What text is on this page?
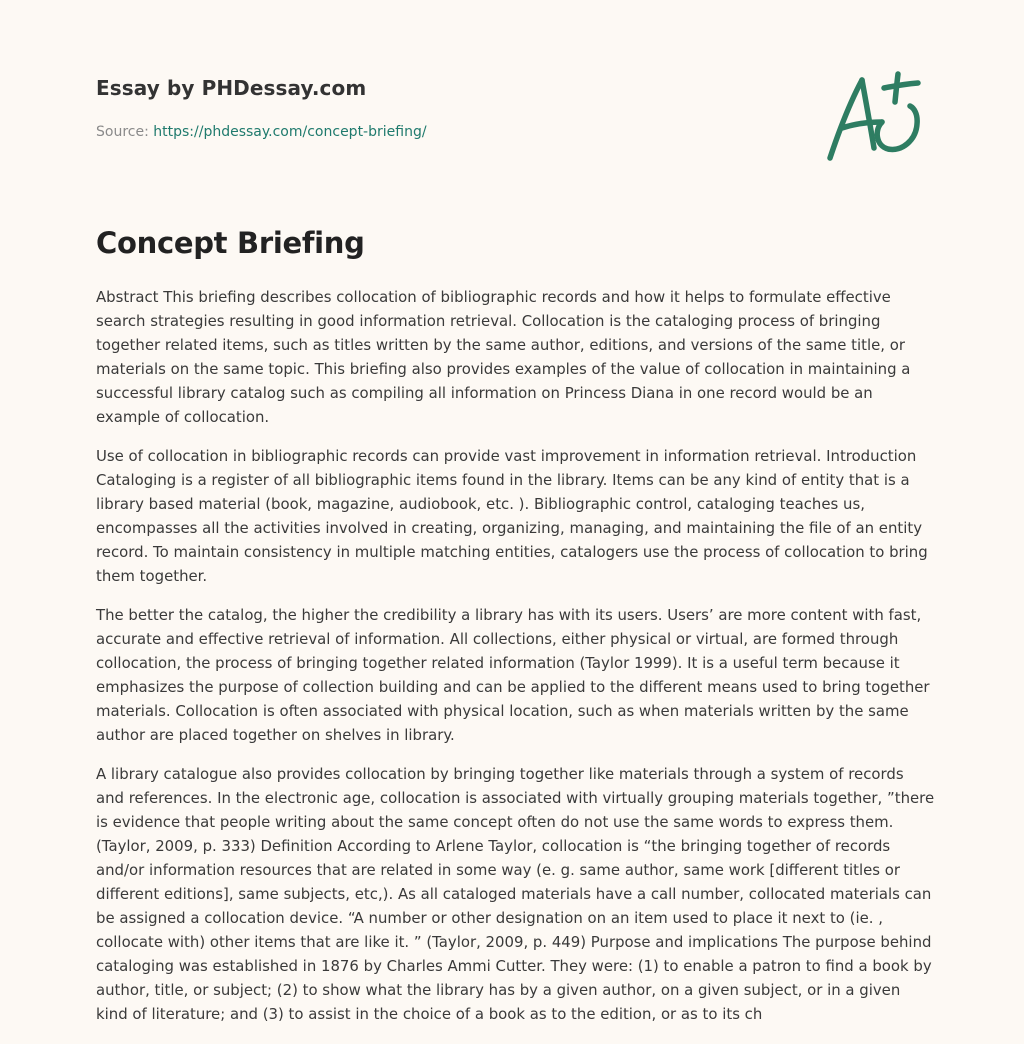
Essay by PHDessay.com
Source: https://phdessay.com/concept-briefing/
Concept Briefing

Abstract This briefing describes collocation of bibliographic records and how it helps to formulate effective search strategies resulting in good information retrieval. Collocation is the cataloging process of bringing together related items, such as titles written by the same author, editions, and versions of the same title, or materials on the same topic. This briefing also provides examples of the value of collocation in maintaining a successful library catalog such as compiling all information on Princess Diana in one record would be an example of collocation.

Use of collocation in bibliographic records can provide vast improvement in information retrieval. Introduction Cataloging is a register of all bibliographic items found in the library. Items can be any kind of entity that is a library based material (book, magazine, audiobook, etc. ). Bibliographic control, cataloging teaches us, encompasses all the activities involved in creating, organizing, managing, and maintaining the file of an entity record. To maintain consistency in multiple matching entities, catalogers use the process of collocation to bring them together.

The better the catalog, the higher the credibility a library has with its users. Users’ are more content with fast, accurate and effective retrieval of information. All collections, either physical or virtual, are formed through collocation, the process of bringing together related information (Taylor 1999). It is a useful term because it emphasizes the purpose of collection building and can be applied to the different means used to bring together materials. Collocation is often associated with physical location, such as when materials written by the same author are placed together on shelves in library.

A library catalogue also provides collocation by bringing together like materials through a system of records and references. In the electronic age, collocation is associated with virtually grouping materials together, ”there is evidence that people writing about the same concept often do not use the same words to express them. (Taylor, 2009, p. 333) Definition According to Arlene Taylor, collocation is “the bringing together of records and/or information resources that are related in some way (e. g. same author, same work [different titles or different editions], same subjects, etc,). As all cataloged materials have a call number, collocated materials can be assigned a collocation device. “A number or other designation on an item used to place it next to (ie. , collocate with) other items that are like it. ” (Taylor, 2009, p. 449) Purpose and implications The purpose behind cataloging was established in 1876 by Charles Ammi Cutter. They were: (1) to enable a patron to find a book by author, title, or subject; (2) to show what the library has by a given author, on a given subject, or in a given kind of literature; and (3) to assist in the choice of a book as to the edition, or as to its ch
